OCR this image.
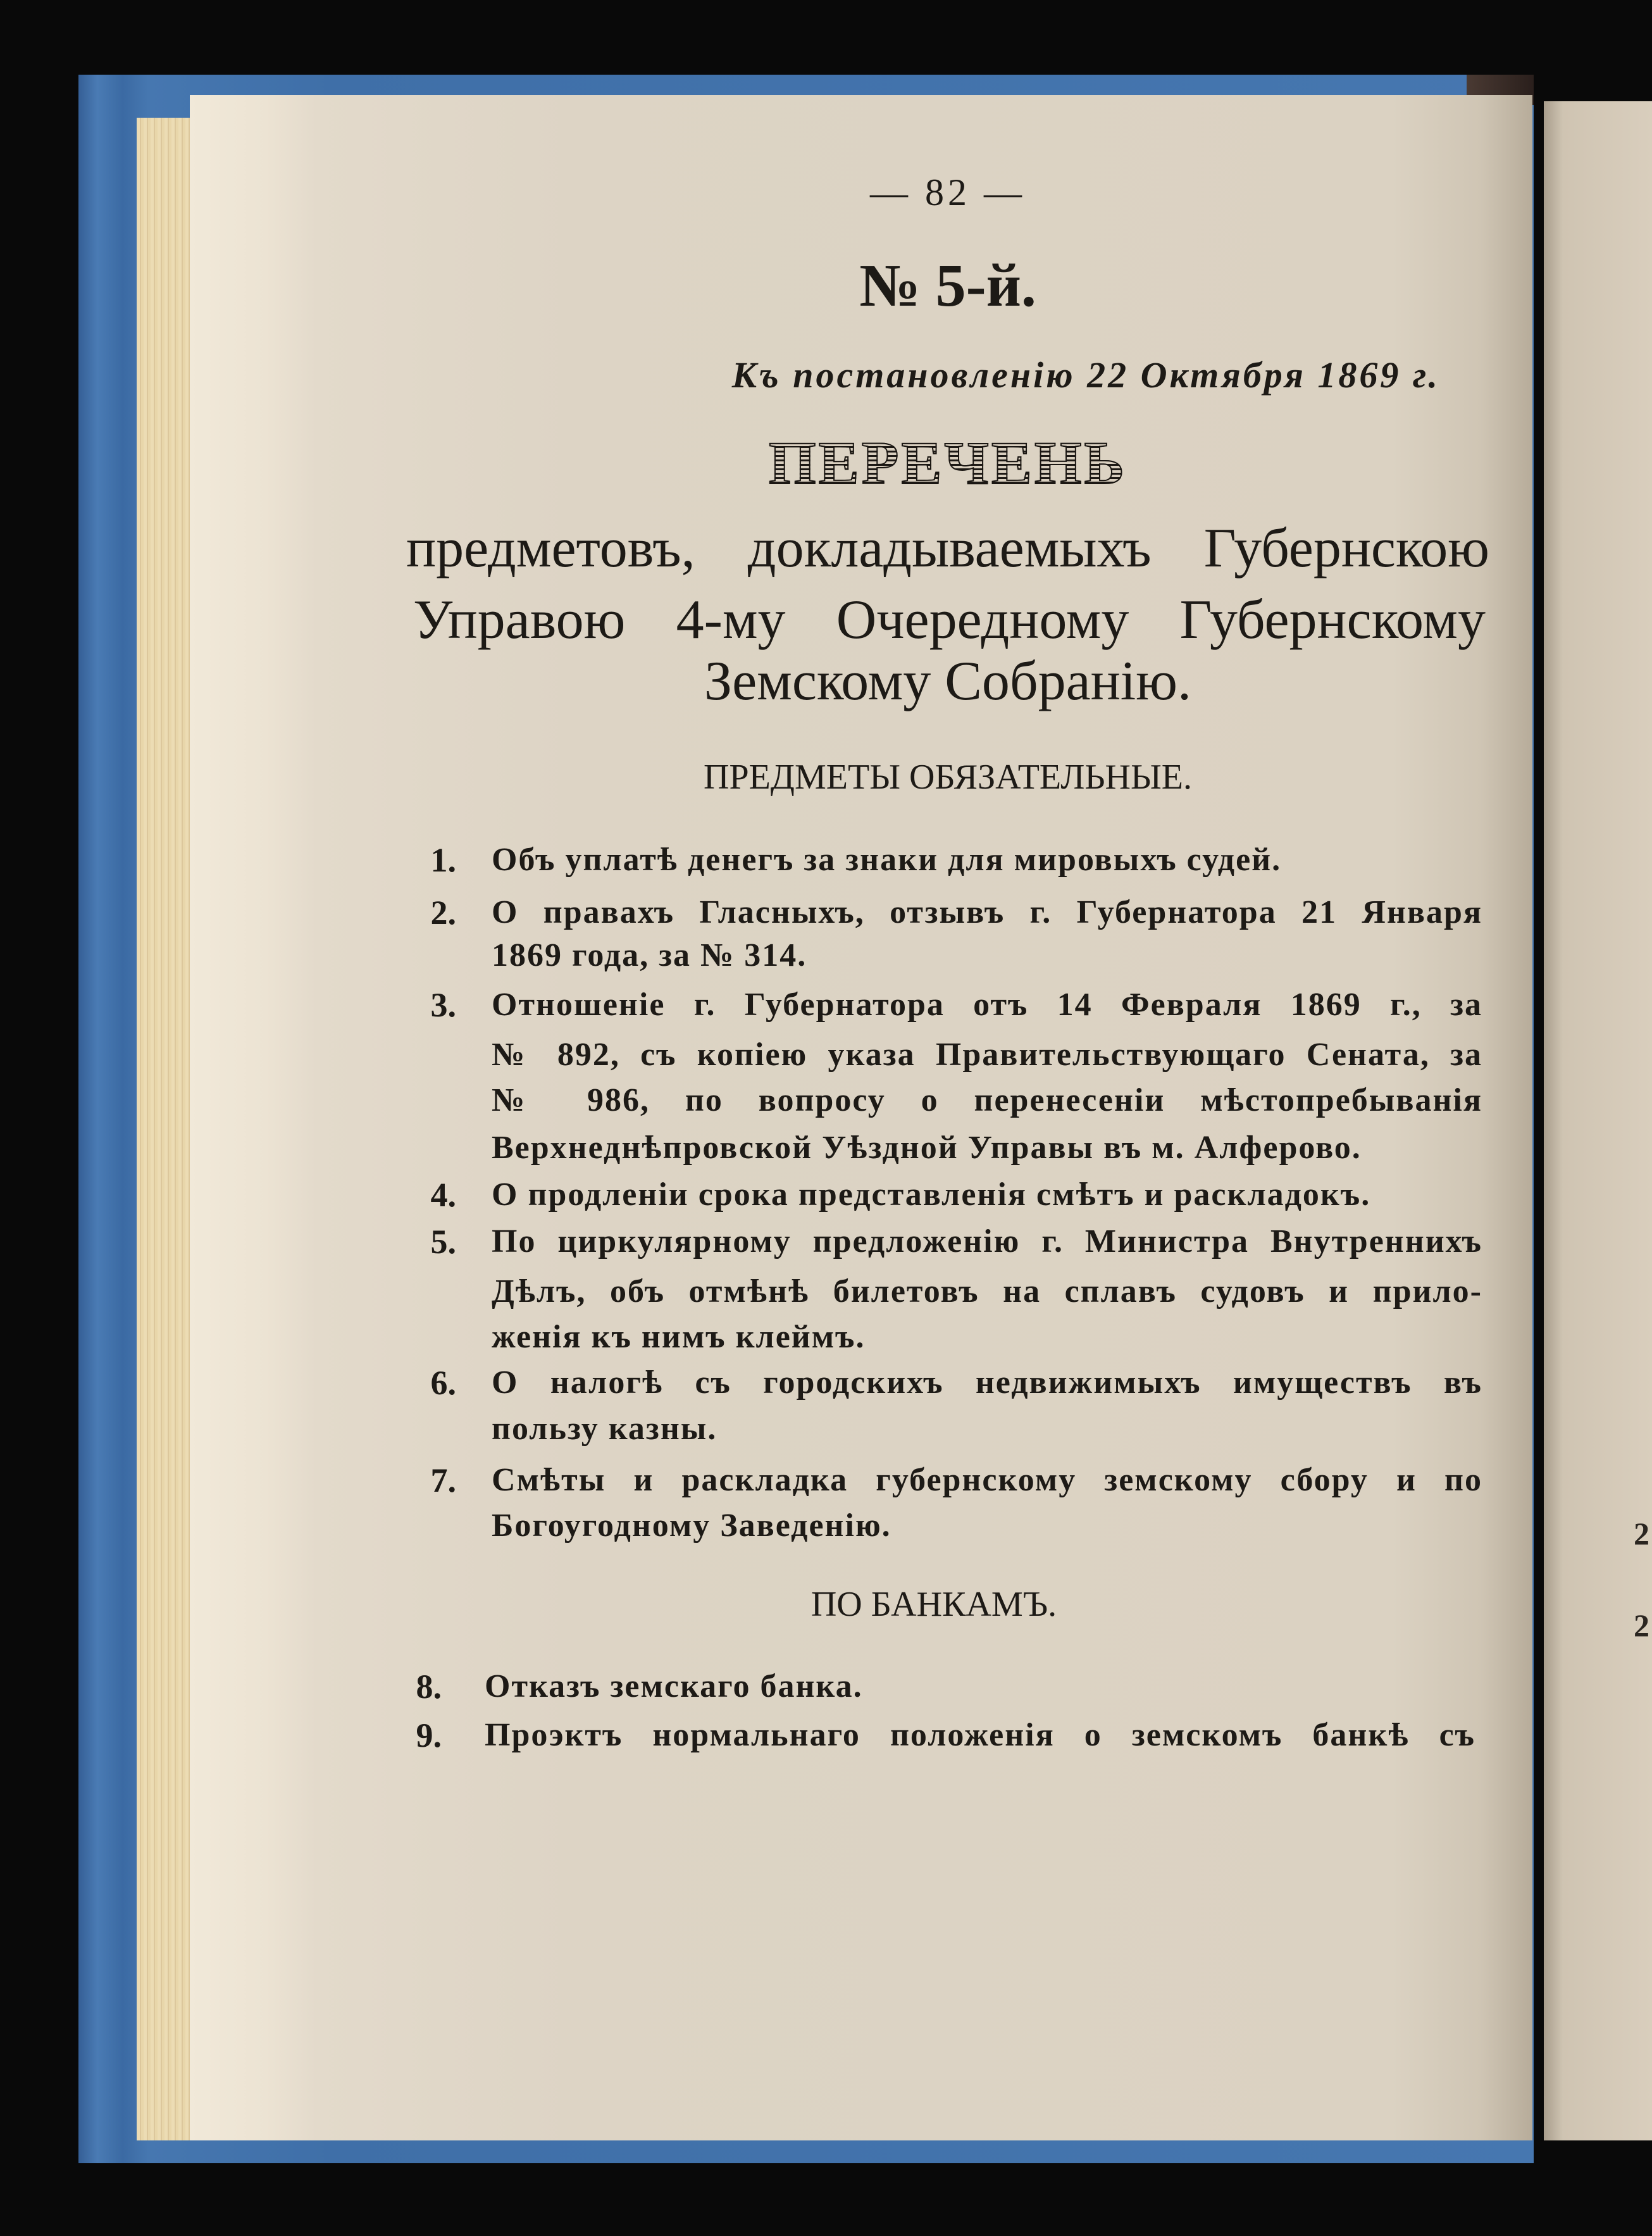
— 82 —
№ 5-й.
Къ постановленію 22 Октября 1869 г.
ПЕРЕЧЕНЬ
предметовъ, докладываемыхъ Губернскою
Управою 4-му Очередному Губернскому
Земскому Собранію.
ПРЕДМЕТЫ ОБЯЗАТЕЛЬНЫЕ.
1. Объ уплатѣ денегъ за знаки для мировыхъ судей.
2. О правахъ Гласныхъ, отзывъ г. Губернатора 21 Января
1869 года, за № 314.
3. Отношеніе г. Губернатора отъ 14 Февраля 1869 г., за
№ 892, съ копіею указа Правительствующаго Сената, за
№ 986, по вопросу о перенесеніи мѣстопребыванія
Верхнеднѣпровской Уѣздной Управы въ м. Алферово.
4. О продленіи срока представленія смѣтъ и раскладокъ.
5. По циркулярному предложенію г. Министра Внутреннихъ
Дѣлъ, объ отмѣнѣ билетовъ на сплавъ судовъ и прило-
женія къ нимъ клеймъ.
6. О налогѣ съ городскихъ недвижимыхъ имуществъ въ
пользу казны.
7. Смѣты и раскладка губернскому земскому сбору и по
Богоугодному Заведенію.
ПО БАНКАМЪ.
8. Отказъ земскаго банка.
9. Проэктъ нормальнаго положенія о земскомъ банкѣ съ
2
2
